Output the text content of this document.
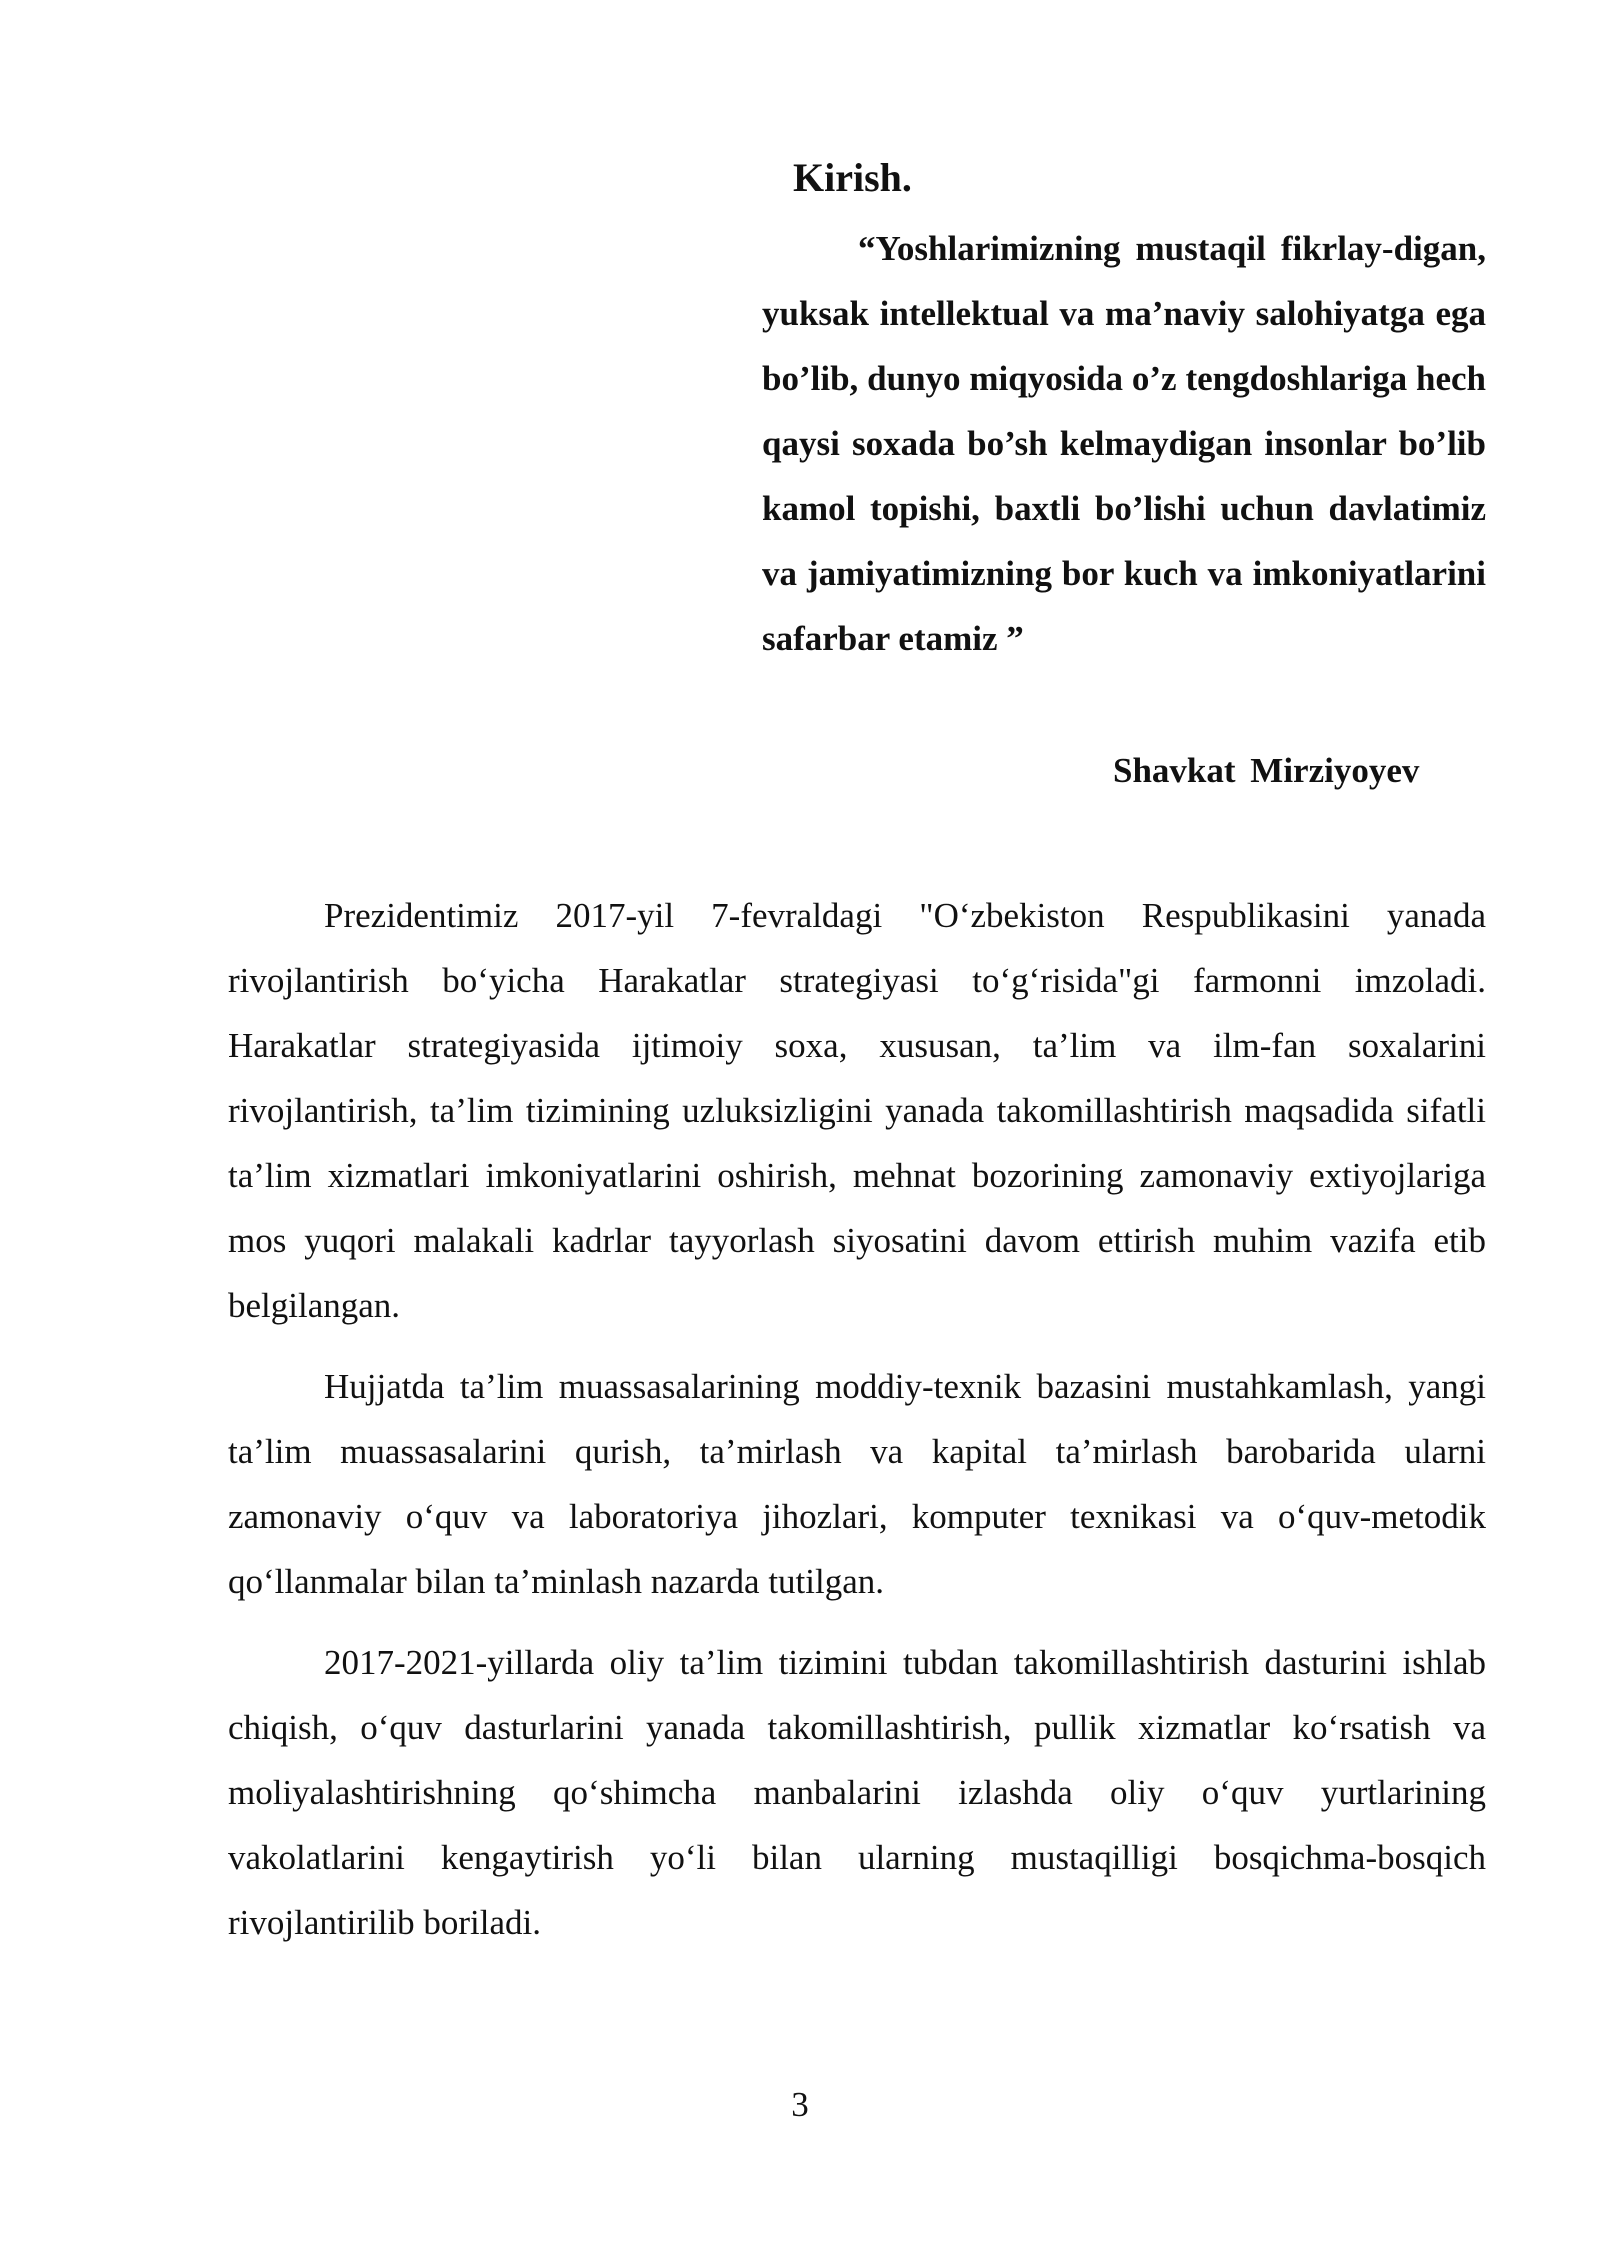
Kirish.

“Yoshlarimizning mustaqil fikrlay-digan, yuksak intellektual va ma’naviy salohiyatga ega bo’lib, dunyo miqyosida o’z tengdoshlariga hech qaysi soxada bo’sh kelmaydigan insonlar bo’lib kamol topishi, baxtli bo’lishi uchun davlatimiz va jamiyatimizning bor kuch va imkoniyatlarini safarbar etamiz ”

Shavkat Mirziyoyev

Prezidentimiz 2017-yil 7-fevraldagi "O‘zbekiston Respublikasini yanada rivojlantirish bo‘yicha Harakatlar strategiyasi to‘g‘risida"gi farmonni imzoladi. Harakatlar strategiyasida ijtimoiy soxa, xususan, ta’lim va ilm-fan soxalarini rivojlantirish, ta’lim tizimining uzluksizligini yanada takomillashtirish maqsadida sifatli ta’lim xizmatlari imkoniyatlarini oshirish, mehnat bozorining zamonaviy extiyojlariga mos yuqori malakali kadrlar tayyorlash siyosatini davom ettirish muhim vazifa etib belgilangan.

Hujjatda ta’lim muassasalarining moddiy-texnik bazasini mustahkamlash, yangi ta’lim muassasalarini qurish, ta’mirlash va kapital ta’mirlash barobarida ularni zamonaviy o‘quv va laboratoriya jihozlari, komputer texnikasi va o‘quv-metodik qo‘llanmalar bilan ta’minlash nazarda tutilgan.

2017-2021-yillarda oliy ta’lim tizimini tubdan takomillashtirish dasturini ishlab chiqish, o‘quv dasturlarini yanada takomillashtirish, pullik xizmatlar ko‘rsatish va moliyalashtirishning qo‘shimcha manbalarini izlashda oliy o‘quv yurtlarining vakolatlarini kengaytirish yo‘li bilan ularning mustaqilligi bosqichma-bosqich rivojlantirilib boriladi.

3
